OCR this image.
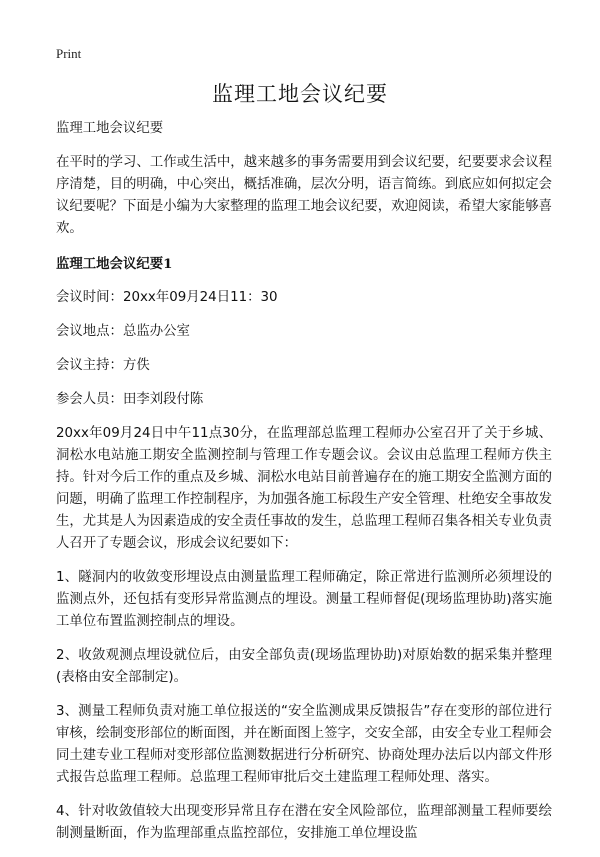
Print
监理工地会议纪要

监理工地会议纪要

在平时的学习、工作或生活中，越来越多的事务需要用到会议纪要，纪要要求会议程序清楚，目的明确，中心突出，概括准确，层次分明，语言简练。到底应如何拟定会议纪要呢？下面是小编为大家整理的监理工地会议纪要，欢迎阅读，希望大家能够喜欢。

监理工地会议纪要1

会议时间：20xx年09月24日11：30

会议地点：总监办公室

会议主持：方佚

参会人员：田李刘段付陈

20xx年09月24日中午11点30分，在监理部总监理工程师办公室召开了关于乡城、洞松水电站施工期安全监测控制与管理工作专题会议。会议由总监理工程师方佚主持。针对今后工作的重点及乡城、洞松水电站目前普遍存在的施工期安全监测方面的问题，明确了监理工作控制程序，为加强各施工标段生产安全管理、杜绝安全事故发生，尤其是人为因素造成的安全责任事故的发生，总监理工程师召集各相关专业负责人召开了专题会议，形成会议纪要如下：

1、隧洞内的收敛变形埋设点由测量监理工程师确定，除正常进行监测所必须埋设的监测点外，还包括有变形异常监测点的埋设。测量工程师督促(现场监理协助)落实施工单位布置监测控制点的埋设。

2、收敛观测点埋设就位后，由安全部负责(现场监理协助)对原始数的据采集并整理(表格由安全部制定)。

3、测量工程师负责对施工单位报送的“安全监测成果反馈报告”存在变形的部位进行审核，绘制变形部位的断面图，并在断面图上签字，交安全部，由安全专业工程师会同土建专业工程师对变形部位监测数据进行分析研究、协商处理办法后以内部文件形式报告总监理工程师。总监理工程师审批后交土建监理工程师处理、落实。

4、针对收敛值较大出现变形异常且存在潜在安全风险部位，监理部测量工程师要绘制测量断面，作为监理部重点监控部位，安排施工单位埋设监
